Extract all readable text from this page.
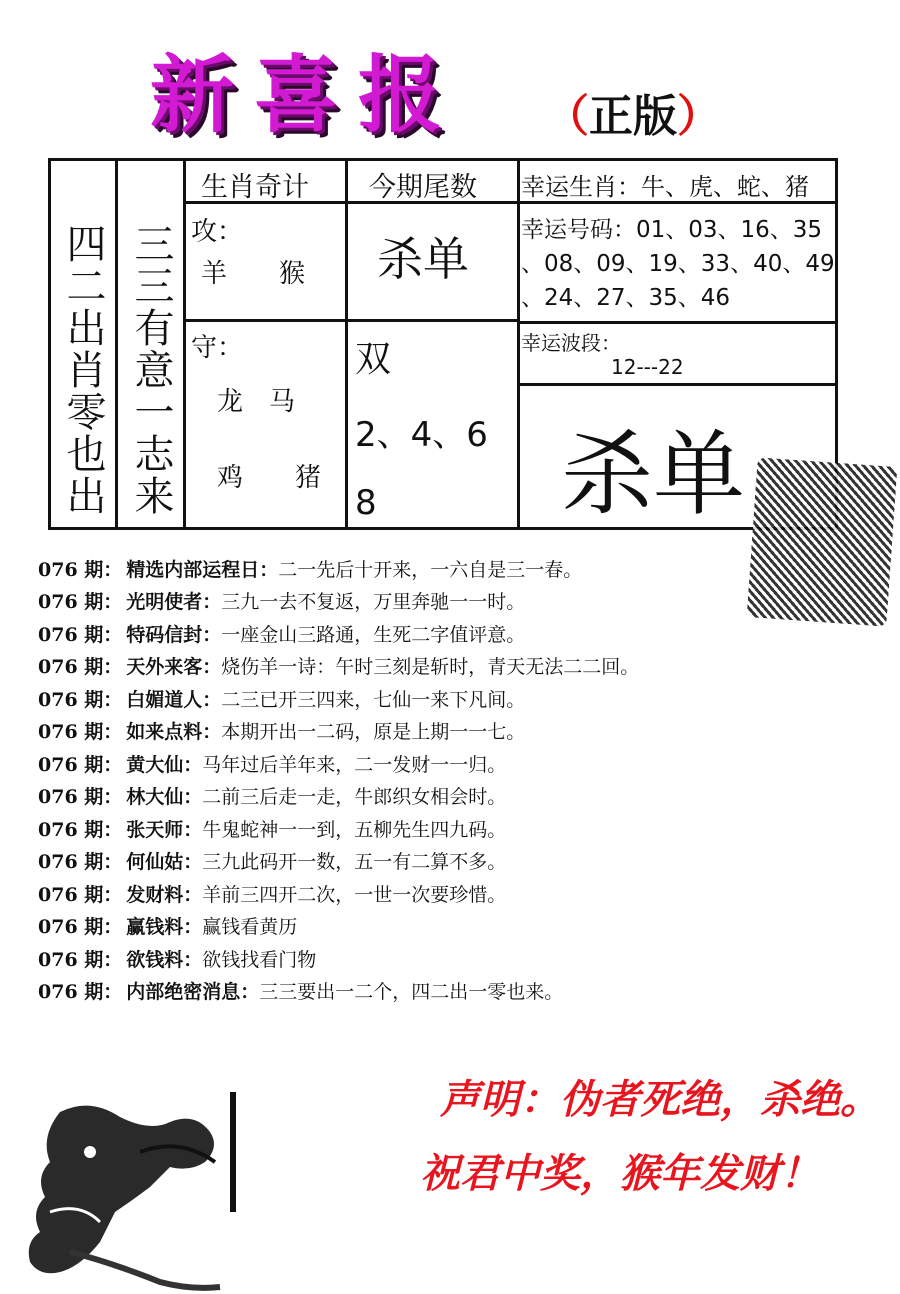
新喜报 （正版）
四二出肖零也出 三三有意一志来
生肖奇计 今期尾数 幸运生肖：牛、虎、蛇、猪
攻：
羊　　猴
守：
龙　马
鸡　　猪
杀单
双
2、4、6
8
幸运号码：01、03、16、35
、08、09、19、33、40、49
、24、27、35、46
幸运波段：
12---22
杀单
076 期： 精选内部运程日： 二一先后十开来，一六自是三一春。
076 期： 光明使者： 三九一去不复返，万里奔驰一一时。
076 期： 特码信封： 一座金山三路通，生死二字值评意。
076 期： 天外来客： 烧伤羊一诗：午时三刻是斩时，青天无法二二回。
076 期： 白媚道人： 二三已开三四来，七仙一来下凡间。
076 期： 如来点料： 本期开出一二码，原是上期一一七。
076 期： 黄大仙： 马年过后羊年来，二一发财一一归。
076 期： 林大仙： 二前三后走一走，牛郎织女相会时。
076 期： 张天师： 牛鬼蛇神一一到，五柳先生四九码。
076 期： 何仙姑： 三九此码开一数，五一有二算不多。
076 期： 发财料： 羊前三四开二次，一世一次要珍惜。
076 期： 赢钱料： 赢钱看黄历
076 期： 欲钱料： 欲钱找看门物
076 期： 内部绝密消息： 三三要出一二个，四二出一零也来。
声明：伪者死绝，杀绝。
祝君中奖，猴年发财！
